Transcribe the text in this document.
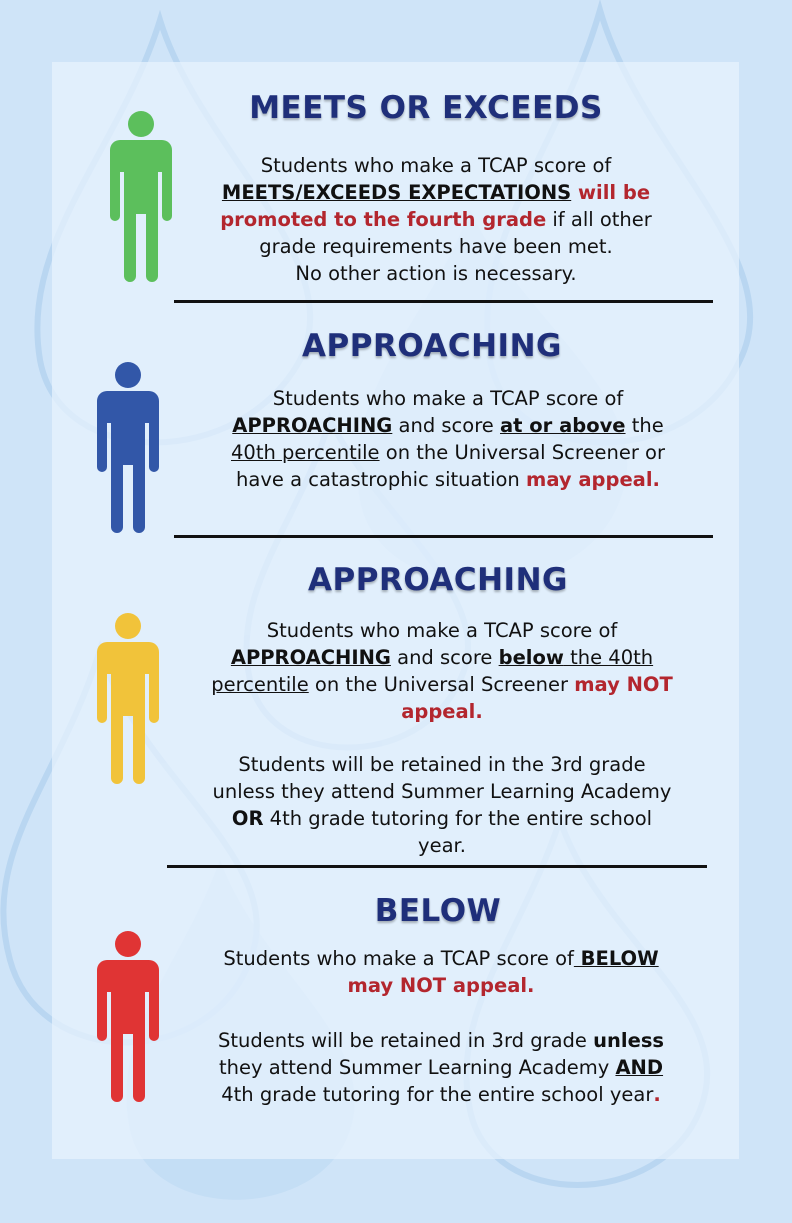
MEETS OR EXCEEDS
Students who make a TCAP score of
MEETS/EXCEEDS EXPECTATIONS will be
promoted to the fourth grade if all other
grade requirements have been met.
No other action is necessary.
APPROACHING
Students who make a TCAP score of
APPROACHING and score at or above the
40th percentile on the Universal Screener or
have a catastrophic situation may appeal.
APPROACHING
Students who make a TCAP score of
APPROACHING and score below the 40th
percentile on the Universal Screener may NOT
appeal.
Students will be retained in the 3rd grade
unless they attend Summer Learning Academy
OR 4th grade tutoring for the entire school
year.
BELOW
Students who make a TCAP score of BELOW
may NOT appeal.
Students will be retained in 3rd grade unless
they attend Summer Learning Academy AND
4th grade tutoring for the entire school year.
